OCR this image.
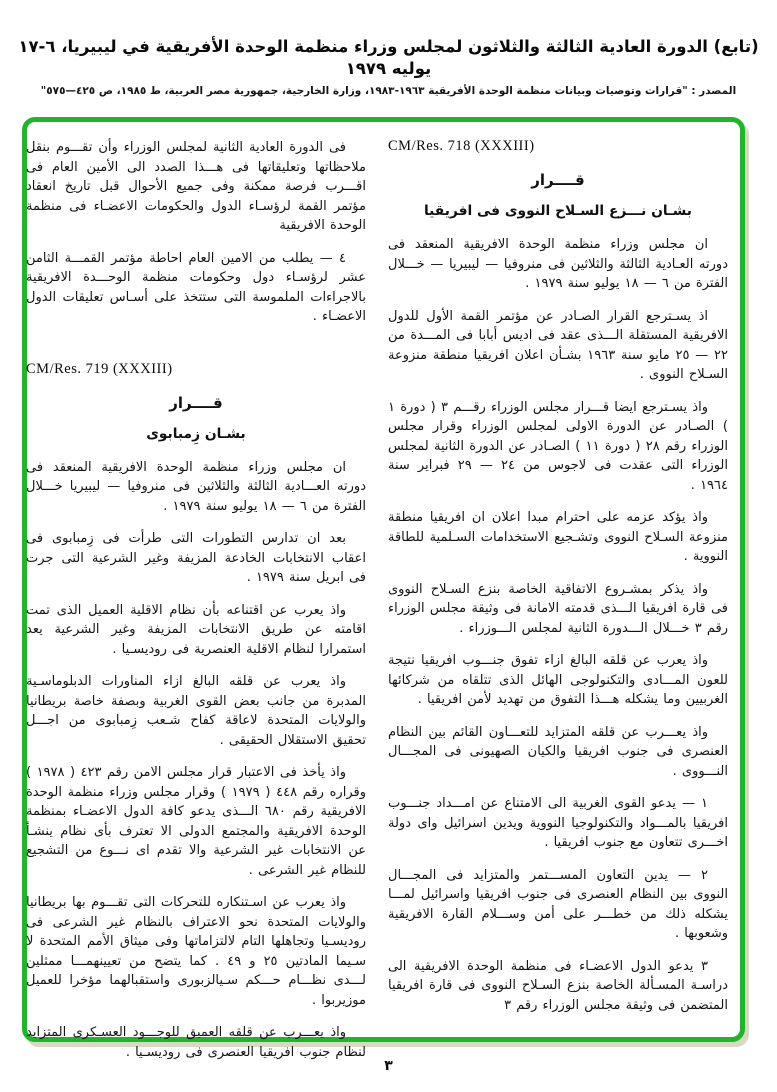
(تابع) الدورة العادية الثالثة والثلاثون لمجلس وزراء منظمة الوحدة الأفريقية في ليبيريا، ٦-١٧ يوليه ١٩٧٩
المصدر : "قرارات وتوصيات وبيانات منظمة الوحدة الأفريقية ١٩٦٣-١٩٨٣، وزارة الخارجية، جمهورية مصر العربية، ط ١٩٨٥، ص ٤٢٥—٥٧٥"
CM/Res. 718 (XXXIII)
قــــرار
بشـان نـــزع السـلاح النووى فى افريقيا

ان مجلس وزراء منظمة الوحدة الافريقية المنعقد فى دورته العـادية الثالثة والثلاثين فى منروفيا — ليبيريا — خـــلال الفترة من ٦ — ١٨ يوليو سنة ١٩٧٩ .

اذ يسـترجع القرار الصـادر عن مؤتمر القمة الأول للدول الافريقية المستقلة الـــذى عقد فى اديس أبابا فى المـــدة من ٢٢ — ٢٥ مايو سنة ١٩٦٣ بشـأن اعلان افريقيا منطقة منزوعة السـلاح النووى .

واذ يسـترجع ايضا قـــرار مجلس الوزراء رقـــم ٣ ( دورة ١ ) الصـادر عن الدورة الاولى لمجلس الوزراء وقرار مجلس الوزراء رقم ٢٨ ( دورة ١١ ) الصـادر عن الدورة الثانية لمجلس الوزراء التى عقدت فى لاجوس من ٢٤ — ٢٩ فبراير سنة ١٩٦٤ .

واذ يؤكد عزمه على احترام مبدا اعلان ان افريقيا منطقة منزوعة السـلاح النووى وتشـجيع الاستخدامات السـلمية للطاقة النووية .

واذ يذكر بمشـروع الاتفاقية الخاصة بنزع السـلاح النووى فى قارة افريقيا الـــذى قدمته الامانة فى وثيقة مجلس الوزراء رقم ٣ خـــلال الـــدورة الثانية لمجلس الـــوزراء .

واذ يعرب عن قلقه البالغ ازاء تفوق جنـــوب افريقيا نتيجة للعون المـــادى والتكنولوجى الهائل الذى تتلقاه من شركائها الغربيين وما يشكله هـــذا التفوق من تهديد لأمن افريقيا .

واذ يعـــرب عن قلقه المتزايد للتعـــاون القائم بين النظام العنصرى فى جنوب افريقيا والكيان الصهيونى فى المجـــال النـــووى .

١ — يدعو القوى الغربية الى الامتناع عن امـــداد جنـــوب افريقيا بالمـــواد والتكنولوجيا النووية ويدين اسرائيل واى دولة اخـــرى تتعاون مع جنوب افريقيا .

٢ — يدين التعاون المســـتمر والمتزايد فى المجـــال النووى بين النظام العنصرى فى جنوب افريقيا واسرائيل لمـــا يشكله ذلك من خطـــر على أمن وســـلام القارة الافريقية وشعوبها .

٣ يدعو الدول الاعضـاء فى منظمة الوحدة الافريقية الى دراسـة المسـألة الخاصة بنزع السـلاح النووى فى قارة افريقيا المتضمن فى وثيقة مجلس الوزراء رقم ٣

فى الدورة العادية الثانية لمجلس الوزراء وأن تقـــوم بنقل ملاحظاتها وتعليقاتها فى هـــذا الصدد الى الأمين العام فى اقـــرب فرصة ممكنة وفى جميع الأحوال قبل تاريخ انعقاد مؤتمر القمة لرؤسـاء الدول والحكومات الاعضـاء فى منظمة الوحدة الافريقية

٤ — يطلب من الامين العام احاطة مؤتمر القمـــة الثامن عشر لرؤسـاء دول وحكومات منظمة الوحـــدة الافريقية بالاجراءات الملموسة التى ستتخذ على أسـاس تعليقات الدول الاعضـاء .

CM/Res. 719 (XXXIII)
قــــرار
بشـان زِمبابوى

ان مجلس وزراء منظمة الوحدة الافريقية المنعقد فى دورته العـــادية الثالثة والثلاثين فى منروفيا — ليبيريا خـــلال الفترة من ٦ — ١٨ يوليو سنة ١٩٧٩ .

بعد ان تدارس التطورات التى طرأت فى زِمبابوى فى اعقاب الانتخابات الخادعة المزيفة وغير الشرعية التى جرت فى ابريل سنة ١٩٧٩ .

واذ يعرب عن اقتناعه بأن نظام الاقلية العميل الذى تمت اقامته عن طريق الانتخابات المزيفة وغير الشرعية يعد استمرارا لنظام الاقلية العنصرية فى روديسـيا .

واذ يعرب عن قلقه البالغ ازاء المناورات الدبلوماسـية المدبرة من جانب بعض القوى الغربية وبصفة خاصة بريطانيا والولايات المتحدة لاعاقة كفاح شـعب زِمبابوى من اجـــل تحقيق الاستقلال الحقيقى .

واذ يأخذ فى الاعتبار قرار مجلس الامن رقم ٤٢٣ ( ١٩٧٨ ) وقراره رقم ٤٤٨ ( ١٩٧٩ ) وقرار مجلس وزراء منظمة الوحدة الافريقية رقم ٦٨٠ الـــذى يدعو كافة الدول الاعضـاء بمنظمة الوحدة الافريقية والمجتمع الدولى الا تعترف بأى نظام ينشـأ عن الانتخابات غير الشرعية والا تقدم اى نـــوع من التشجيع للنظام غير الشرعى .

واذ يعرب عن اسـتنكاره للتحركات التى تقـــوم بها بريطانيا والولايات المتحدة نحو الاعتراف بالنظام غير الشرعى فى روديسـيا وتجاهلها التام لالتزاماتها وفى ميثاق الأمم المتحدة لا سـيما المادتين ٢٥ و ٤٩ . كما يتضح من تعيينهمـــا ممثلين لـــدى نظـــام حـــكم سـيالزبورى واستقبالهما مؤخرا للعميل موزيربوا .

واذ يعـــرب عن قلقه العميق للوجـــود العسـكرى المتزايد لنظام جنوب افريقيا العنصرى فى روديسـيا .

٣
